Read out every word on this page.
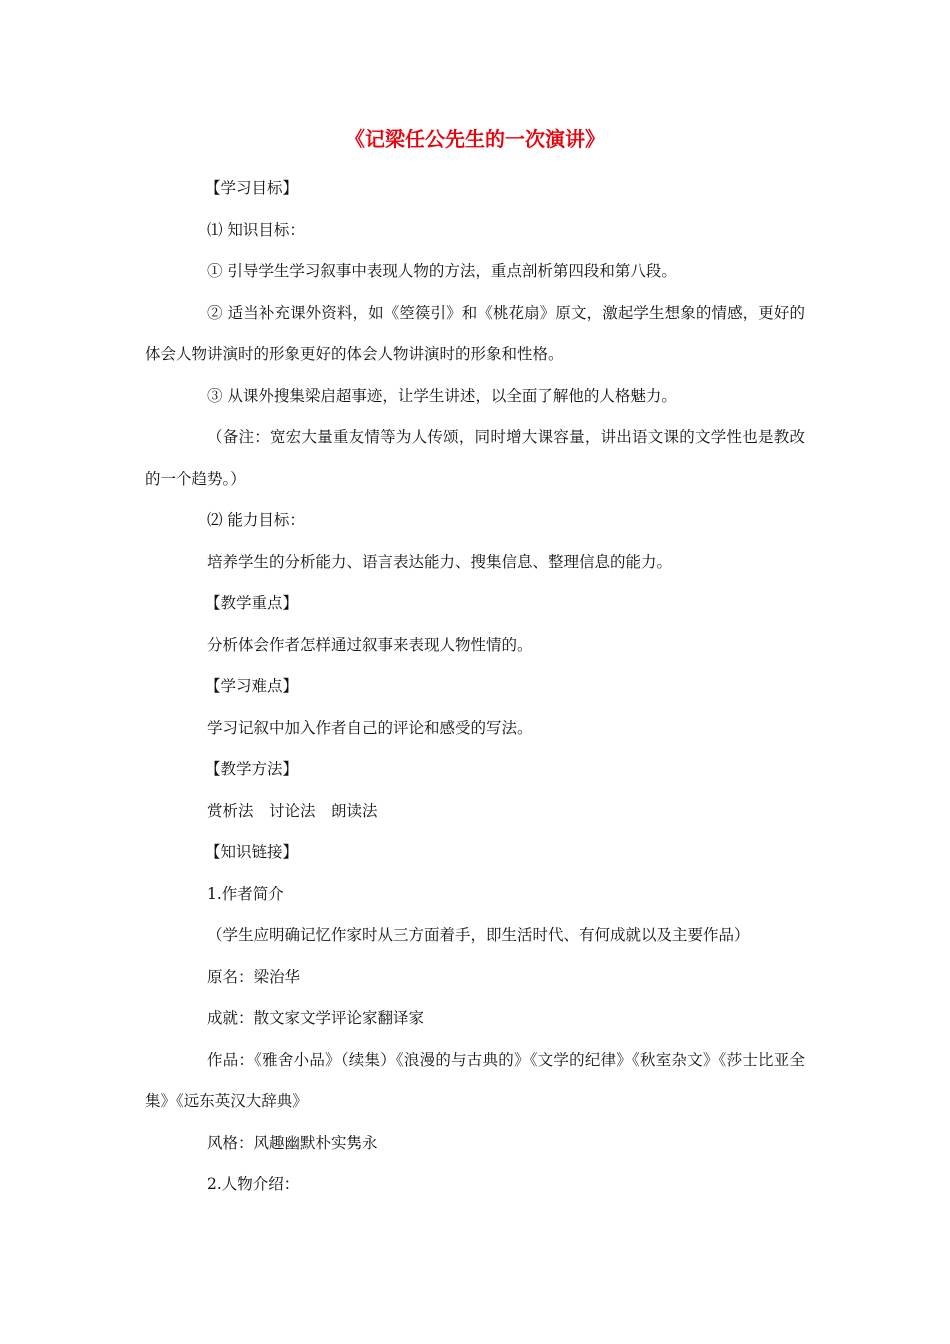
《记梁任公先生的一次演讲》

【学习目标】

⑴ 知识目标：

① 引导学生学习叙事中表现人物的方法，重点剖析第四段和第八段。

② 适当补充课外资料，如《箜篌引》和《桃花扇》原文，激起学生想象的情感，更好的体会人物讲演时的形象更好的体会人物讲演时的形象和性格。

③ 从课外搜集梁启超事迹，让学生讲述，以全面了解他的人格魅力。

（备注：宽宏大量重友情等为人传颂，同时增大课容量，讲出语文课的文学性也是教改的一个趋势。）

⑵ 能力目标：

培养学生的分析能力、语言表达能力、搜集信息、整理信息的能力。

【教学重点】

分析体会作者怎样通过叙事来表现人物性情的。

【学习难点】

学习记叙中加入作者自己的评论和感受的写法。

【教学方法】

赏析法　讨论法　朗读法

【知识链接】

1.作者简介

（学生应明确记忆作家时从三方面着手，即生活时代、有何成就以及主要作品）

原名：梁治华

成就：散文家文学评论家翻译家

作品：《雅舍小品》（续集）《浪漫的与古典的》《文学的纪律》《秋室杂文》《莎士比亚全集》《远东英汉大辞典》

风格：风趣幽默朴实隽永

2.人物介绍：
